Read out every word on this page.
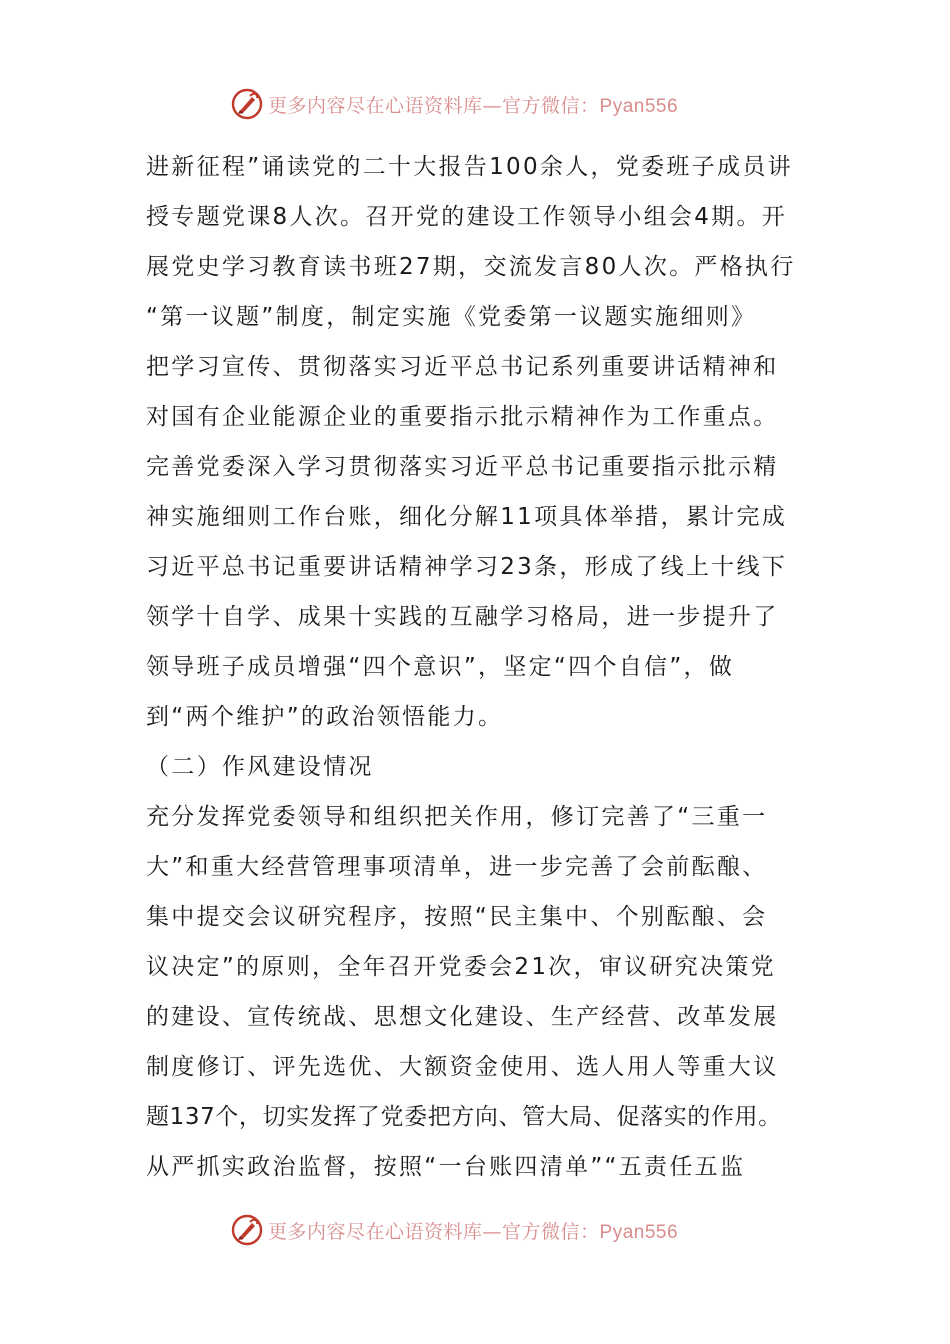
更多内容尽在心语资料库—官方微信：Pyan556
进新征程”诵读党的二十大报告100余人，党委班子成员讲
授专题党课8人次。召开党的建设工作领导小组会4期。开
展党史学习教育读书班27期，交流发言80人次。严格执行
“第一议题”制度，制定实施《党委第一议题实施细则》
把学习宣传、贯彻落实习近平总书记系列重要讲话精神和
对国有企业能源企业的重要指示批示精神作为工作重点。
完善党委深入学习贯彻落实习近平总书记重要指示批示精
神实施细则工作台账，细化分解11项具体举措，累计完成
习近平总书记重要讲话精神学习23条，形成了线上十线下
领学十自学、成果十实践的互融学习格局，进一步提升了
领导班子成员增强“四个意识”，坚定“四个自信”，做
到“两个维护”的政治领悟能力。
（二）作风建设情况
充分发挥党委领导和组织把关作用，修订完善了“三重一
大”和重大经营管理事项清单，进一步完善了会前酝酿、
集中提交会议研究程序，按照“民主集中、个别酝酿、会
议决定”的原则，全年召开党委会21次，审议研究决策党
的建设、宣传统战、思想文化建设、生产经营、改革发展
制度修订、评先选优、大额资金使用、选人用人等重大议
题137个，切实发挥了党委把方向、管大局、促落实的作用。
从严抓实政治监督，按照“一台账四清单”“五责任五监
更多内容尽在心语资料库—官方微信：Pyan556
